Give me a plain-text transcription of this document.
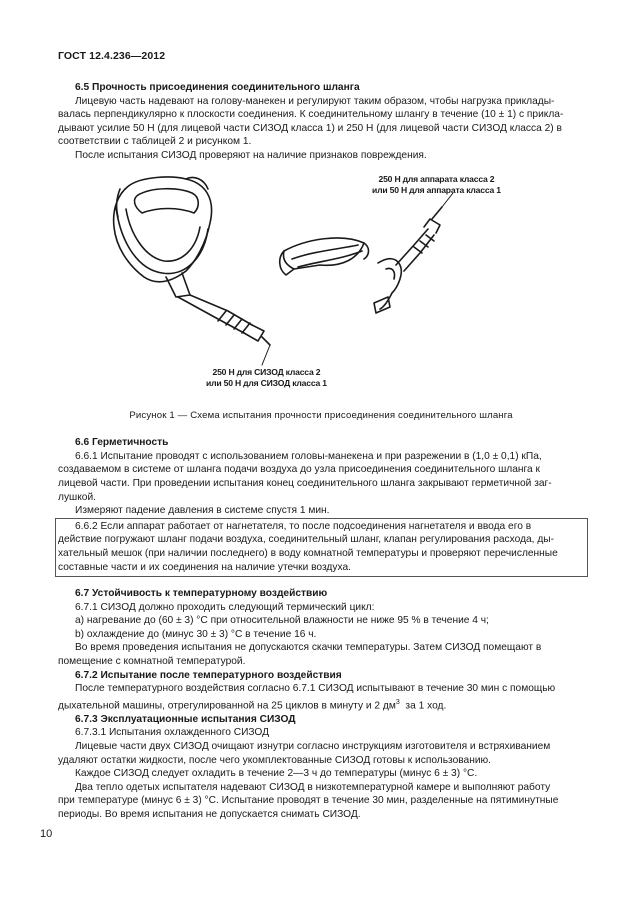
ГОСТ 12.4.236—2012
6.5 Прочность присоединения соединительного шланга
Лицевую часть надевают на голову-манекен и регулируют таким образом, чтобы нагрузка приклады-
валась перпендикулярно к плоскости соединения. К соединительному шлангу в течение (10 ± 1) с прикла-
дывают усилие 50 Н (для лицевой части СИЗОД класса 1) и 250 Н (для лицевой части СИЗОД класса 2) в
соответствии с таблицей 2 и рисунком 1.
После испытания СИЗОД проверяют на наличие признаков повреждения.
250 Н для аппарата класса 2
или 50 Н для аппарата класса 1
250 Н для СИЗОД класса 2
или 50 Н для СИЗОД класса 1
Рисунок 1 — Схема испытания прочности присоединения соединительного шланга
6.6 Герметичность
6.6.1 Испытание проводят с использованием головы-манекена и при разрежении в (1,0 ± 0,1) кПа,
создаваемом в системе от шланга подачи воздуха до узла присоединения соединительного шланга к
лицевой части. При проведении испытания конец соединительного шланга закрывают герметичной заг-
лушкой.
Измеряют падение давления в системе спустя 1 мин.
6.6.2 Если аппарат работает от нагнетателя, то после подсоединения нагнетателя и ввода его в
действие погружают шланг подачи воздуха, соединительный шланг, клапан регулирования расхода, ды-
хательный мешок (при наличии последнего) в воду комнатной температуры и проверяют перечисленные
составные части и их соединения на наличие утечки воздуха.
6.7 Устойчивость к температурному воздействию
6.7.1 СИЗОД должно проходить следующий термический цикл:
a) нагревание до (60 ± 3) °С при относительной влажности не ниже 95 % в течение 4 ч;
b) охлаждение до (минус 30 ± 3) °С в течение 16 ч.
Во время проведения испытания не допускаются скачки температуры. Затем СИЗОД помещают в
помещение с комнатной температурой.
6.7.2 Испытание после температурного воздействия
После температурного воздействия согласно 6.7.1 СИЗОД испытывают в течение 30 мин с помощью
дыхательной машины, отрегулированной на 25 циклов в минуту и 2 $дм^3$ за 1 ход.
6.7.3 Эксплуатационные испытания СИЗОД
6.7.3.1 Испытания охлажденного СИЗОД
Лицевые части двух СИЗОД очищают изнутри согласно инструкциям изготовителя и встряхиванием
удаляют остатки жидкости, после чего укомплектованные СИЗОД готовы к использованию.
Каждое СИЗОД следует охладить в течение 2—3 ч до температуры (минус 6 ± 3) °С.
Два тепло одетых испытателя надевают СИЗОД в низкотемпературной камере и выполняют работу
при температуре (минус 6 ± 3) °С. Испытание проводят в течение 30 мин, разделенные на пятиминутные
периоды. Во время испытания не допускается снимать СИЗОД.
10
